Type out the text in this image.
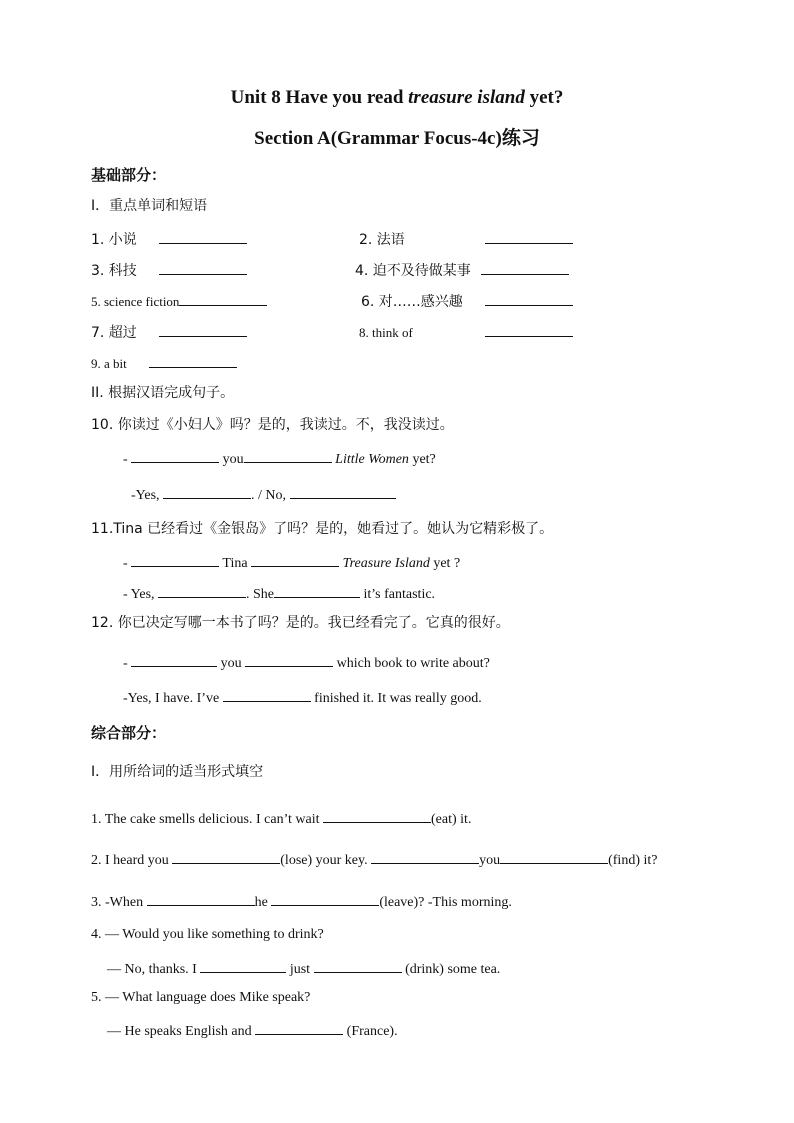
Unit 8 Have you read treasure island yet?
Section A(Grammar Focus-4c)练习
基础部分：
Ⅰ．重点单词和短语
1. 小说	2. 法语
3. 科技	4. 迫不及待做某事
5. science fiction	6. 对……感兴趣
7. 超过	8. think of
9. a bit
II. 根据汉语完成句子。
10. 你读过《小妇人》吗？是的，我读过。不，我没读过。
-	you	Little Women yet?
-Yes,	. / No,
11.Tina 已经看过《金银岛》了吗？是的，她看过了。她认为它精彩极了。
-	Tina	Treasure Island yet ?
- Yes,	. She	it’s fantastic.
12. 你已决定写哪一本书了吗？是的。我已经看完了。它真的很好。
-	you	which book to write about?
-Yes, I have. I’ve	finished it. It was really good.
综合部分：
Ⅰ．用所给词的适当形式填空
1. The cake smells delicious. I can’t wait	(eat) it.
2. I heard you	(lose) your key.	you	(find) it?
3. -When	he	(leave)? -This morning.
4. — Would you like something to drink?
— No, thanks. I	just	(drink) some tea.
5. — What language does Mike speak?
— He speaks English and	(France).
